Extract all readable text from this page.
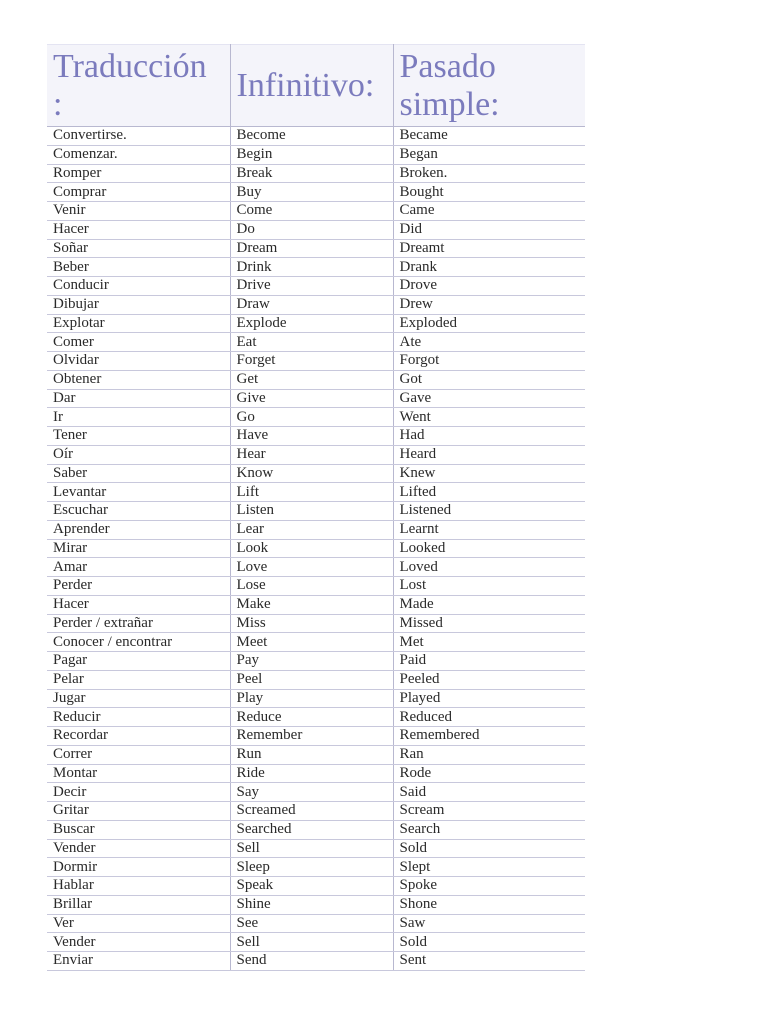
Traducción :	Infinitivo:	Pasado simple:
Convertirse.	Become	Became
Comenzar.	Begin	Began
Romper	Break	Broken.
Comprar	Buy	Bought
Venir	Come	Came
Hacer	Do	Did
Soñar	Dream	Dreamt
Beber	Drink	Drank
Conducir	Drive	Drove
Dibujar	Draw	Drew
Explotar	Explode	Exploded
Comer	Eat	Ate
Olvidar	Forget	Forgot
Obtener	Get	Got
Dar	Give	Gave
Ir	Go	Went
Tener	Have	Had
Oír	Hear	Heard
Saber	Know	Knew
Levantar	Lift	Lifted
Escuchar	Listen	Listened
Aprender	Lear	Learnt
Mirar	Look	Looked
Amar	Love	Loved
Perder	Lose	Lost
Hacer	Make	Made
Perder / extrañar	Miss	Missed
Conocer / encontrar	Meet	Met
Pagar	Pay	Paid
Pelar	Peel	Peeled
Jugar	Play	Played
Reducir	Reduce	Reduced
Recordar	Remember	Remembered
Correr	Run	Ran
Montar	Ride	Rode
Decir	Say	Said
Gritar	Screamed	Scream
Buscar	Searched	Search
Vender	Sell	Sold
Dormir	Sleep	Slept
Hablar	Speak	Spoke
Brillar	Shine	Shone
Ver	See	Saw
Vender	Sell	Sold
Enviar	Send	Sent
